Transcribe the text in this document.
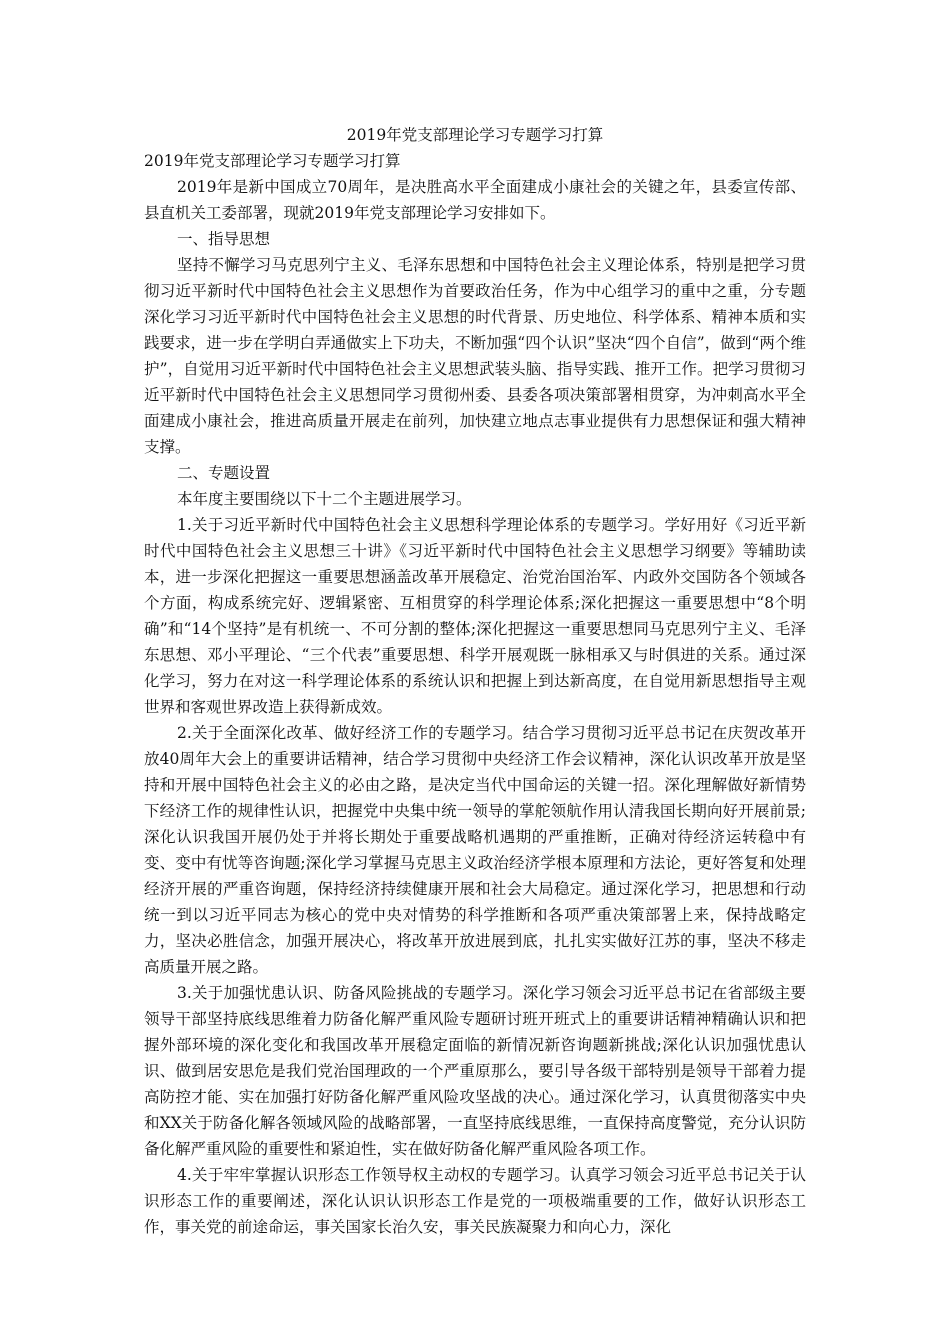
2019年党支部理论学习专题学习打算

2019年党支部理论学习专题学习打算

2019年是新中国成立70周年，是决胜高水平全面建成小康社会的关键之年，县委宣传部、县直机关工委部署，现就2019年党支部理论学习安排如下。

一、指导思想

坚持不懈学习马克思列宁主义、毛泽东思想和中国特色社会主义理论体系，特别是把学习贯彻习近平新时代中国特色社会主义思想作为首要政治任务，作为中心组学习的重中之重，分专题深化学习习近平新时代中国特色社会主义思想的时代背景、历史地位、科学体系、精神本质和实践要求，进一步在学明白弄通做实上下功夫，不断加强“四个认识”坚决“四个自信”，做到“两个维护”，自觉用习近平新时代中国特色社会主义思想武装头脑、指导实践、推开工作。把学习贯彻习近平新时代中国特色社会主义思想同学习贯彻州委、县委各项决策部署相贯穿，为冲刺高水平全面建成小康社会，推进高质量开展走在前列，加快建立地点志事业提供有力思想保证和强大精神支撑。

二、专题设置

本年度主要围绕以下十二个主题进展学习。

1.关于习近平新时代中国特色社会主义思想科学理论体系的专题学习。学好用好《习近平新时代中国特色社会主义思想三十讲》《习近平新时代中国特色社会主义思想学习纲要》等辅助读本，进一步深化把握这一重要思想涵盖改革开展稳定、治党治国治军、内政外交国防各个领域各个方面，构成系统完好、逻辑紧密、互相贯穿的科学理论体系;深化把握这一重要思想中“8个明确”和“14个坚持”是有机统一、不可分割的整体;深化把握这一重要思想同马克思列宁主义、毛泽东思想、邓小平理论、“三个代表”重要思想、科学开展观既一脉相承又与时俱进的关系。通过深化学习，努力在对这一科学理论体系的系统认识和把握上到达新高度，在自觉用新思想指导主观世界和客观世界改造上获得新成效。

2.关于全面深化改革、做好经济工作的专题学习。结合学习贯彻习近平总书记在庆贺改革开放40周年大会上的重要讲话精神，结合学习贯彻中央经济工作会议精神，深化认识改革开放是坚持和开展中国特色社会主义的必由之路，是决定当代中国命运的关键一招。深化理解做好新情势下经济工作的规律性认识，把握党中央集中统一领导的掌舵领航作用认清我国长期向好开展前景;深化认识我国开展仍处于并将长期处于重要战略机遇期的严重推断，正确对待经济运转稳中有变、变中有忧等咨询题;深化学习掌握马克思主义政治经济学根本原理和方法论，更好答复和处理经济开展的严重咨询题，保持经济持续健康开展和社会大局稳定。通过深化学习，把思想和行动统一到以习近平同志为核心的党中央对情势的科学推断和各项严重决策部署上来，保持战略定力，坚决必胜信念，加强开展决心，将改革开放进展到底，扎扎实实做好江苏的事，坚决不移走高质量开展之路。

3.关于加强忧患认识、防备风险挑战的专题学习。深化学习领会习近平总书记在省部级主要领导干部坚持底线思维着力防备化解严重风险专题研讨班开班式上的重要讲话精神精确认识和把握外部环境的深化变化和我国改革开展稳定面临的新情况新咨询题新挑战;深化认识加强忧患认识、做到居安思危是我们党治国理政的一个严重原那么，要引导各级干部特别是领导干部着力提高防控才能、实在加强打好防备化解严重风险攻坚战的决心。通过深化学习，认真贯彻落实中央和XX关于防备化解各领域风险的战略部署，一直坚持底线思维，一直保持高度警觉，充分认识防备化解严重风险的重要性和紧迫性，实在做好防备化解严重风险各项工作。

4.关于牢牢掌握认识形态工作领导权主动权的专题学习。认真学习领会习近平总书记关于认识形态工作的重要阐述，深化认识认识形态工作是党的一项极端重要的工作，做好认识形态工作，事关党的前途命运，事关国家长治久安，事关民族凝聚力和向心力，深化
